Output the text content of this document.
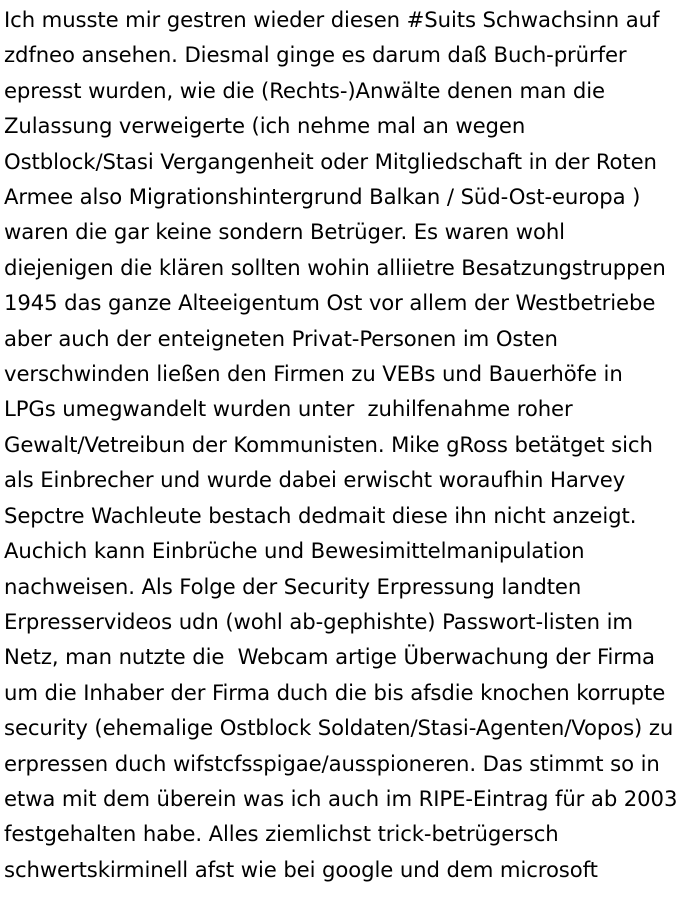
Ich musste mir gestren wieder diesen #Suits Schwachsinn auf zdfneo ansehen. Diesmal ginge es darum daß Buch-prürfer epresst wurden, wie die (Rechts-)Anwälte denen man die Zulassung verweigerte (ich nehme mal an wegen Ostblock/Stasi Vergangenheit oder Mitgliedschaft in der Roten Armee also Migrationshintergrund Balkan / Süd-Ost-europa ) waren die gar keine sondern Betrüger. Es waren wohl diejenigen die klären sollten wohin alliietre Besatzungstruppen 1945 das ganze Alteeigentum Ost vor allem der Westbetriebe aber auch der enteigneten Privat-Personen im Osten verschwinden ließen den Firmen zu VEBs und Bauerhöfe in LPGs umegwandelt wurden unter  zuhilfenahme roher Gewalt/Vetreibun der Kommunisten. Mike gRoss betätget sich als Einbrecher und wurde dabei erwischt woraufhin Harvey Sepctre Wachleute bestach dedmait diese ihn nicht anzeigt. Auchich kann Einbrüche und Bewesimittelmanipulation nachweisen. Als Folge der Security Erpressung landten Erpresservideos udn (wohl ab-gephishte) Passwort-listen im Netz, man nutzte die  Webcam artige Überwachung der Firma um die Inhaber der Firma duch die bis afsdie knochen korrupte security (ehemalige Ostblock Soldaten/Stasi-Agenten/Vopos) zu erpressen duch wifstcfsspigae/ausspioneren. Das stimmt so in etwa mit dem überein was ich auch im RIPE-Eintrag für ab 2003 festgehalten habe. Alles ziemlichst trick-betrügersch schwertskirminell afst wie bei google und dem microsoft
